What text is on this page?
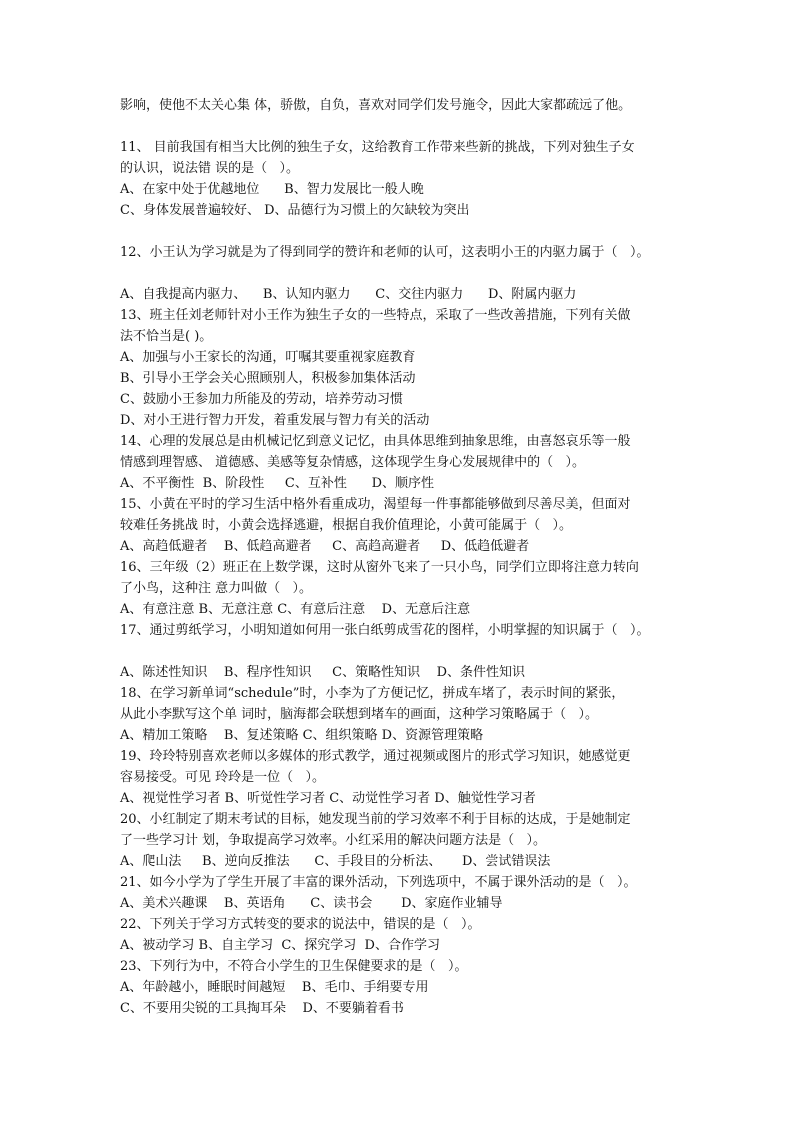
影响，使他不太关心集 体，骄傲，自负，喜欢对同学们发号施令，因此大家都疏远了他。
11、 目前我国有相当大比例的独生子女，这给教育工作带来些新的挑战，下列对独生子女
的认识，说法错 误的是（   ）。
A、在家中处于优越地位      B、智力发展比一般人晚
C、身体发展普遍较好、 D、品德行为习惯上的欠缺较为突出
12、小王认为学习就是为了得到同学的赞许和老师的认可，这表明小王的内驱力属于（   ）。
A、自我提高内驱力、    B、认知内驱力      C、交往内驱力      D、附属内驱力
13、班主任刘老师针对小王作为独生子女的一些特点，采取了一些改善措施，下列有关做
法不恰当是( )。
A、加强与小王家长的沟通，叮嘱其要重视家庭教育
B、引导小王学会关心照顾别人，积极参加集体活动
C、鼓励小王参加力所能及的劳动，培养劳动习惯
D、对小王进行智力开发，着重发展与智力有关的活动
14、心理的发展总是由机械记忆到意义记忆，由具体思维到抽象思维，由喜怒哀乐等一般
情感到理智感、 道德感、美感等复杂情感，这体现学生身心发展规律中的（   ）。
A、不平衡性  B、阶段性     C、互补性      D、顺序性
15、小黄在平时的学习生活中格外看重成功，渴望每一件事都能够做到尽善尽美，但面对
较难任务挑战 时，小黄会选择逃避，根据自我价值理论，小黄可能属于（   ）。
A、高趋低避者    B、低趋高避者     C、高趋高避者     D、低趋低避者
16、三年级（2）班正在上数学课，这时从窗外飞来了一只小鸟，同学们立即将注意力转向
了小鸟，这种注 意力叫做（   ）。
A、有意注意 B、无意注意 C、有意后注意    D、无意后注意
17、通过剪纸学习，小明知道如何用一张白纸剪成雪花的图样，小明掌握的知识属于（   ）。
A、陈述性知识    B、程序性知识     C、策略性知识    D、条件性知识
18、在学习新单词“schedule”时，小李为了方便记忆，拼成车堵了，表示时间的紧张，
从此小李默写这个单 词时，脑海都会联想到堵车的画面，这种学习策略属于（   ）。
A、精加工策略    B、复述策略 C、组织策略 D、资源管理策略
19、玲玲特别喜欢老师以多媒体的形式教学，通过视频或图片的形式学习知识，她感觉更
容易接受。可见 玲玲是一位（   ）。
A、视觉性学习者 B、听觉性学习者 C、动觉性学习者 D、触觉性学习者
20、小红制定了期末考试的目标，她发现当前的学习效率不利于目标的达成，于是她制定
了一些学习计 划，争取提高学习效率。小红采用的解决问题方法是（   ）。
A、爬山法     B、逆向反推法      C、手段目的分析法、     D、尝试错误法
21、如今小学为了学生开展了丰富的课外活动，下列选项中，不属于课外活动的是（   ）。
A、美术兴趣课    B、英语角      C、读书会       D、家庭作业辅导
22、下列关于学习方式转变的要求的说法中，错误的是（   ）。
A、被动学习 B、自主学习  C、探究学习  D、合作学习
23、下列行为中，不符合小学生的卫生保健要求的是（   ）。
A、年龄越小，睡眠时间越短    B、毛巾、手绢要专用
C、不要用尖锐的工具掏耳朵    D、不要躺着看书
